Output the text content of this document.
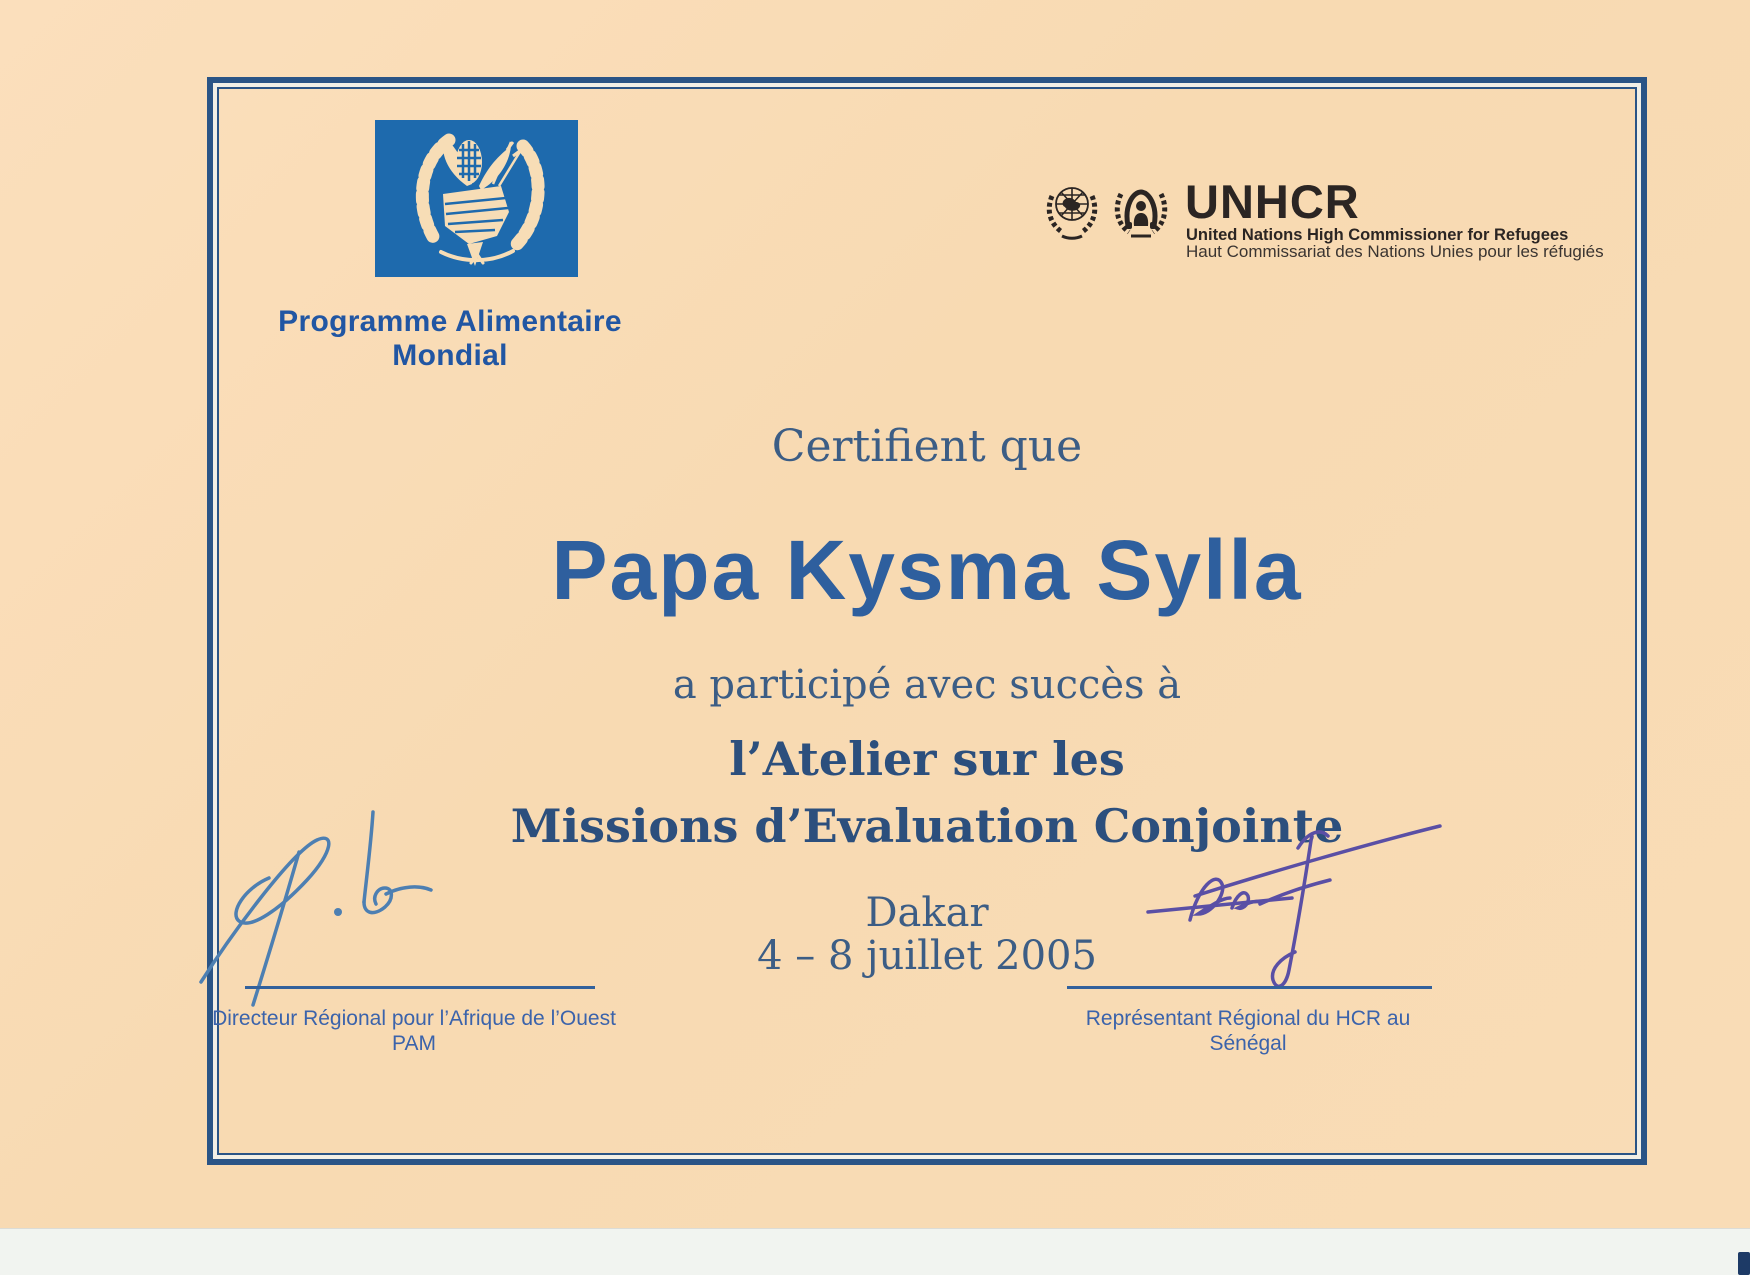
Programme Alimentaire
Mondial
UNHCR
United Nations High Commissioner for Refugees
Haut Commissariat des Nations Unies pour les réfugiés
Certifient que
Papa Kysma Sylla
a participé avec succès à
l’Atelier sur les
Missions d’Evaluation Conjointe
Dakar
4 – 8 juillet 2005
Directeur Régional pour l’Afrique de l’Ouest
PAM
Représentant Régional du HCR au
Sénégal
